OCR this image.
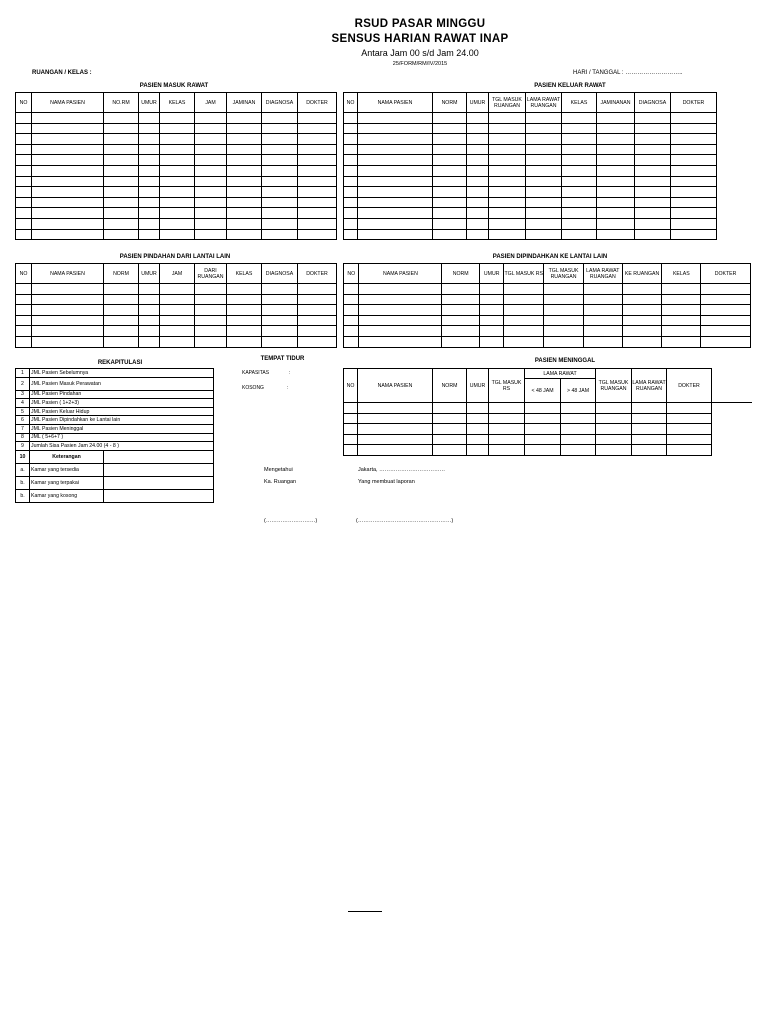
RSUD PASAR MINGGU
SENSUS HARIAN RAWAT INAP
Antara Jam 00 s/d Jam 24.00
25/FORM/RM/IV/2015
RUANGAN / KELAS :	HARI / TANGGAL : ………………………..
PASIEN MASUK RAWAT	PASIEN KELUAR RAWAT
NO	NAMA PASIEN	NO.RM	UMUR	KELAS	JAM	JAMINAN	DIAGNOSA	DOKTER

									NO	NAMA PASIEN	NORM	UMUR	TGL MASUK RUANGAN	LAMA RAWAT RUANGAN	KELAS	JAMINANAN	DIAGNOSA	DOKTER

PASIEN PINDAHAN DARI LANTAI LAIN	PASIEN DIPINDAHKAN KE LANTAI LAIN
NO	NAMA PASIEN	NORM	UMUR	JAM	DARI RUANGAN	KELAS	DIAGNOSA	DOKTER

									NO	NAMA PASIEN	NORM	UMUR	TGL MASUK RS	TGL MASUK RUANGAN	LAMA RAWAT RUANGAN	KE RUANGAN	KELAS	DOKTER

REKAPITULASI
1	JML Pasien Sebelumnya	
2	JML Pasien Masuk Perawatan	
3	JML Pasien Pindahan	
4	JML Pasien ( 1+2+3)	
5	JML Pasien Keluar Hidup	
6	JML Pasien Dipindahkan ke Lantai lain	
7	JML Pasien Meninggal	
8	JML ( 5+6+7 )	
9	Jumlah Sisa Pasien Jam 24.00 (4 - 8 )	
10	Keterangan	
a.	Kamar yang tersedia	
b.	Kamar yang terpakai	
b.	Kamar yang kosong	
TEMPAT TIDUR
KAPASITAS	:
KOSONG	:
PASIEN MENINGGAL
NO	NAMA PASIEN	NORM	UMUR	TGL MASUK RS	LAMA RAWAT		TGL MASUK RUANGAN	LAMA RAWAT RUANGAN	DOKTER	
					< 48 JAM	> 48 JAM				

Mengetahui
Ka. Ruangan
Jakarta, ………………………………
Yang membuat laporan
(………………………)	(……………………………………………)
